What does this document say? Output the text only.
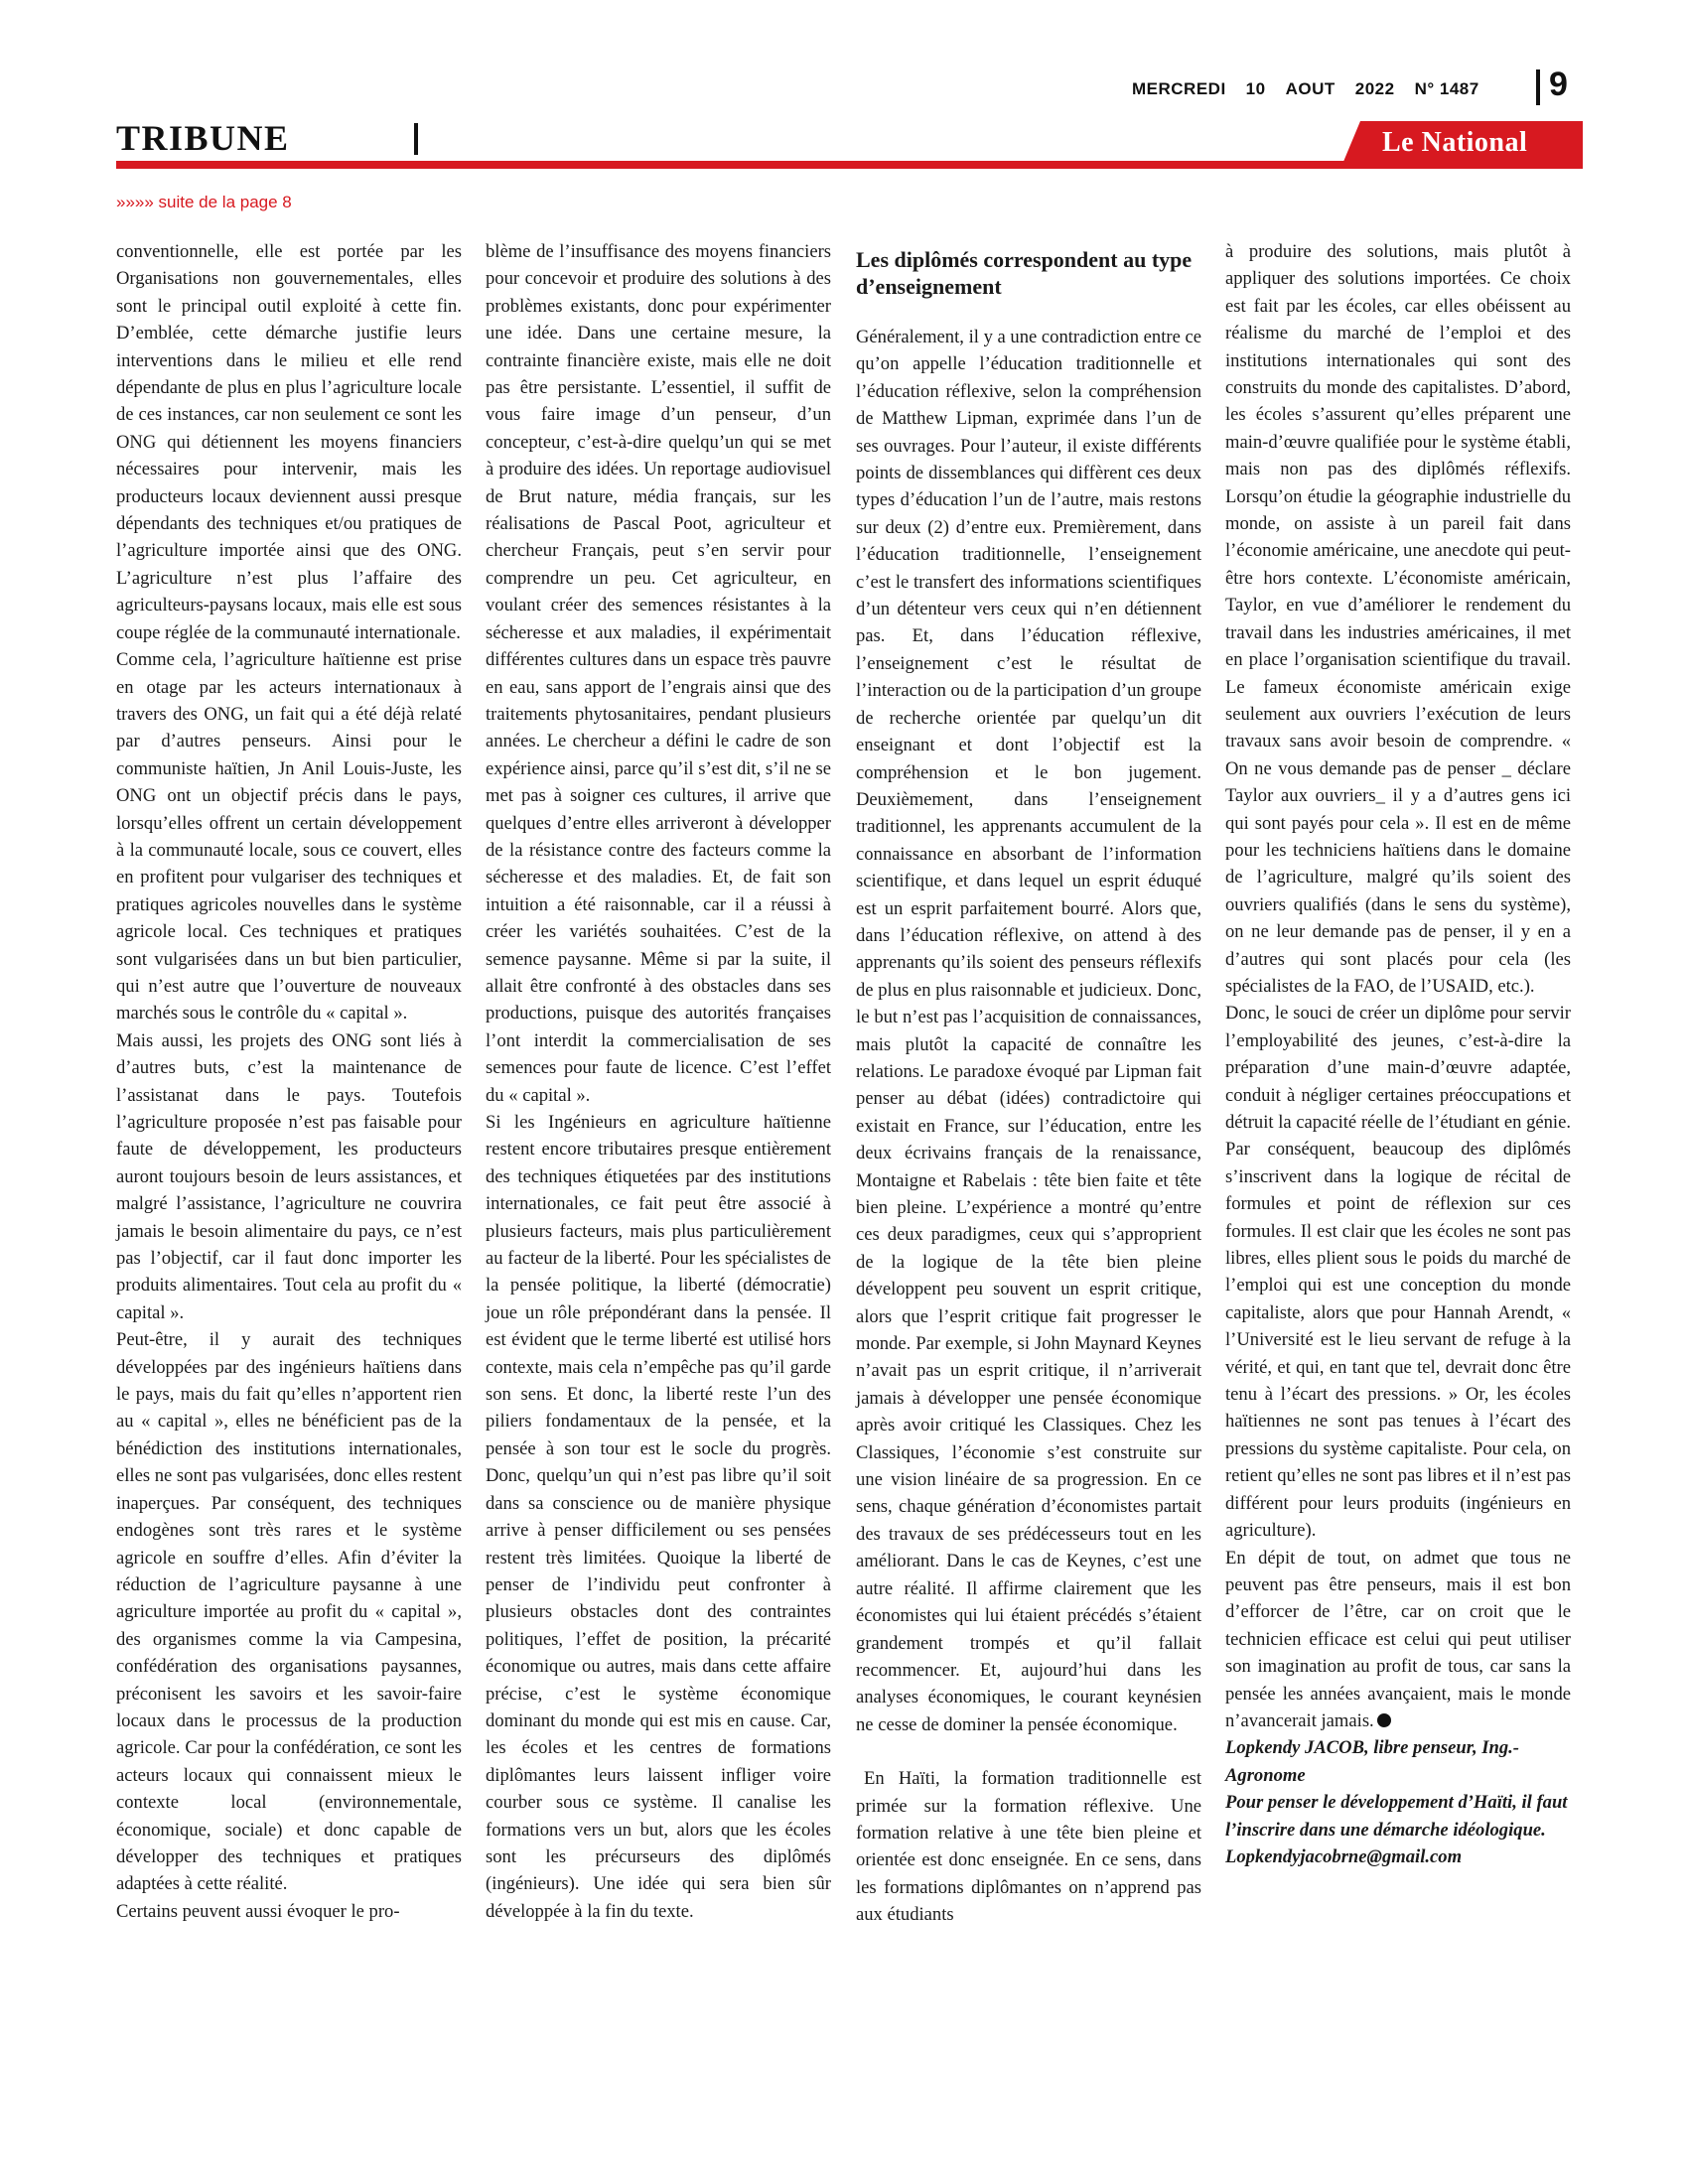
MERCREDI 10 AOUT 2022 N° 1487 9
TRIBUNE	Le National
»»»» suite de la page 8

conventionnelle, elle est portée par les Organisations non gouvernementales, elles sont le principal outil exploité à cette fin. D’emblée, cette démarche justifie leurs interventions dans le milieu et elle rend dépendante de plus en plus l’agriculture locale de ces instances, car non seulement ce sont les ONG qui détiennent les moyens financiers nécessaires pour intervenir, mais les producteurs locaux deviennent aussi presque dépendants des techniques et/ou pratiques de l’agriculture importée ainsi que des ONG. L’agriculture n’est plus l’affaire des agriculteurs-paysans locaux, mais elle est sous coupe réglée de la communauté internationale.

Comme cela, l’agriculture haïtienne est prise en otage par les acteurs internationaux à travers des ONG, un fait qui a été déjà relaté par d’autres penseurs. Ainsi pour le communiste haïtien, Jn Anil Louis-Juste, les ONG ont un objectif précis dans le pays, lorsqu’elles offrent un certain développement à la communauté locale, sous ce couvert, elles en profitent pour vulgariser des techniques et pratiques agricoles nouvelles dans le système agricole local. Ces techniques et pratiques sont vulgarisées dans un but bien particulier, qui n’est autre que l’ouverture de nouveaux marchés sous le contrôle du « capital ».

Mais aussi, les projets des ONG sont liés à d’autres buts, c’est la maintenance de l’assistanat dans le pays. Toutefois l’agriculture proposée n’est pas faisable pour faute de développement, les producteurs auront toujours besoin de leurs assistances, et malgré l’assistance, l’agriculture ne couvrira jamais le besoin alimentaire du pays, ce n’est pas l’objectif, car il faut donc importer les produits alimentaires. Tout cela au profit du « capital ».

Peut-être, il y aurait des techniques développées par des ingénieurs haïtiens dans le pays, mais du fait qu’elles n’apportent rien au « capital », elles ne bénéficient pas de la bénédiction des institutions internationales, elles ne sont pas vulgarisées, donc elles restent inaperçues. Par conséquent, des techniques endogènes sont très rares et le système agricole en souffre d’elles. Afin d’éviter la réduction de l’agriculture paysanne à une agriculture importée au profit du « capital », des organismes comme la via Campesina, confédération des organisations paysannes, préconisent les savoirs et les savoir-faire locaux dans le processus de la production agricole. Car pour la confédération, ce sont les acteurs locaux qui connaissent mieux le contexte local (environnementale, économique, sociale) et donc capable de développer des techniques et pratiques adaptées à cette réalité.

Certains peuvent aussi évoquer le pro-

blème de l’insuffisance des moyens financiers pour concevoir et produire des solutions à des problèmes existants, donc pour expérimenter une idée. Dans une certaine mesure, la contrainte financière existe, mais elle ne doit pas être persistante. L’essentiel, il suffit de vous faire image d’un penseur, d’un concepteur, c’est-à-dire quelqu’un qui se met à produire des idées. Un reportage audiovisuel de Brut nature, média français, sur les réalisations de Pascal Poot, agriculteur et chercheur Français, peut s’en servir pour comprendre un peu. Cet agriculteur, en voulant créer des semences résistantes à la sécheresse et aux maladies, il expérimentait différentes cultures dans un espace très pauvre en eau, sans apport de l’engrais ainsi que des traitements phytosanitaires, pendant plusieurs années. Le chercheur a défini le cadre de son expérience ainsi, parce qu’il s’est dit, s’il ne se met pas à soigner ces cultures, il arrive que quelques d’entre elles arriveront à développer de la résistance contre des facteurs comme la sécheresse et des maladies. Et, de fait son intuition a été raisonnable, car il a réussi à créer les variétés souhaitées. C’est de la semence paysanne. Même si par la suite, il allait être confronté à des obstacles dans ses productions, puisque des autorités françaises l’ont interdit la commercialisation de ses semences pour faute de licence. C’est l’effet du « capital ».

Si les Ingénieurs en agriculture haïtienne restent encore tributaires presque entièrement des techniques étiquetées par des institutions internationales, ce fait peut être associé à plusieurs facteurs, mais plus particulièrement au facteur de la liberté. Pour les spécialistes de la pensée politique, la liberté (démocratie) joue un rôle prépondérant dans la pensée. Il est évident que le terme liberté est utilisé hors contexte, mais cela n’empêche pas qu’il garde son sens. Et donc, la liberté reste l’un des piliers fondamentaux de la pensée, et la pensée à son tour est le socle du progrès. Donc, quelqu’un qui n’est pas libre qu’il soit dans sa conscience ou de manière physique arrive à penser difficilement ou ses pensées restent très limitées. Quoique la liberté de penser de l’individu peut confronter à plusieurs obstacles dont des contraintes politiques, l’effet de position, la précarité économique ou autres, mais dans cette affaire précise, c’est le système économique dominant du monde qui est mis en cause. Car, les écoles et les centres de formations diplômantes leurs laissent infliger voire courber sous ce système. Il canalise les formations vers un but, alors que les écoles sont les précurseurs des diplômés (ingénieurs). Une idée qui sera bien sûr développée à la fin du texte.

Les diplômés correspondent au type d’enseignement

Généralement, il y a une contradiction entre ce qu’on appelle l’éducation traditionnelle et l’éducation réflexive, selon la compréhension de Matthew Lipman, exprimée dans l’un de ses ouvrages. Pour l’auteur, il existe différents points de dissemblances qui diffèrent ces deux types d’éducation l’un de l’autre, mais restons sur deux (2) d’entre eux. Premièrement, dans l’éducation traditionnelle, l’enseignement c’est le transfert des informations scientifiques d’un détenteur vers ceux qui n’en détiennent pas. Et, dans l’éducation réflexive, l’enseignement c’est le résultat de l’interaction ou de la participation d’un groupe de recherche orientée par quelqu’un dit enseignant et dont l’objectif est la compréhension et le bon jugement. Deuxièmement, dans l’enseignement traditionnel, les apprenants accumulent de la connaissance en absorbant de l’information scientifique, et dans lequel un esprit éduqué est un esprit parfaitement bourré. Alors que, dans l’éducation réflexive, on attend à des apprenants qu’ils soient des penseurs réflexifs de plus en plus raisonnable et judicieux. Donc, le but n’est pas l’acquisition de connaissances, mais plutôt la capacité de connaître les relations. Le paradoxe évoqué par Lipman fait penser au débat (idées) contradictoire qui existait en France, sur l’éducation, entre les deux écrivains français de la renaissance, Montaigne et Rabelais : tête bien faite et tête bien pleine. L’expérience a montré qu’entre ces deux paradigmes, ceux qui s’approprient de la logique de la tête bien pleine développent peu souvent un esprit critique, alors que l’esprit critique fait progresser le monde. Par exemple, si John Maynard Keynes n’avait pas un esprit critique, il n’arriverait jamais à développer une pensée économique après avoir critiqué les Classiques. Chez les Classiques, l’économie s’est construite sur une vision linéaire de sa progression. En ce sens, chaque génération d’économistes partait des travaux de ses prédécesseurs tout en les améliorant. Dans le cas de Keynes, c’est une autre réalité. Il affirme clairement que les économistes qui lui étaient précédés s’étaient grandement trompés et qu’il fallait recommencer. Et, aujourd’hui dans les analyses économiques, le courant keynésien ne cesse de dominer la pensée économique.

En Haïti, la formation traditionnelle est primée sur la formation réflexive. Une formation relative à une tête bien pleine et orientée est donc enseignée. En ce sens, dans les formations diplômantes on n’apprend pas aux étudiants

à produire des solutions, mais plutôt à appliquer des solutions importées. Ce choix est fait par les écoles, car elles obéissent au réalisme du marché de l’emploi et des institutions internationales qui sont des construits du monde des capitalistes. D’abord, les écoles s’assurent qu’elles préparent une main-d’œuvre qualifiée pour le système établi, mais non pas des diplômés réflexifs. Lorsqu’on étudie la géographie industrielle du monde, on assiste à un pareil fait dans l’économie américaine, une anecdote qui peut-être hors contexte. L’économiste américain, Taylor, en vue d’améliorer le rendement du travail dans les industries américaines, il met en place l’organisation scientifique du travail. Le fameux économiste américain exige seulement aux ouvriers l’exécution de leurs travaux sans avoir besoin de comprendre. « On ne vous demande pas de penser _ déclare Taylor aux ouvriers_ il y a d’autres gens ici qui sont payés pour cela ». Il est en de même pour les techniciens haïtiens dans le domaine de l’agriculture, malgré qu’ils soient des ouvriers qualifiés (dans le sens du système), on ne leur demande pas de penser, il y en a d’autres qui sont placés pour cela (les spécialistes de la FAO, de l’USAID, etc.).

Donc, le souci de créer un diplôme pour servir l’employabilité des jeunes, c’est-à-dire la préparation d’une main-d’œuvre adaptée, conduit à négliger certaines préoccupations et détruit la capacité réelle de l’étudiant en génie. Par conséquent, beaucoup des diplômés s’inscrivent dans la logique de récital de formules et point de réflexion sur ces formules. Il est clair que les écoles ne sont pas libres, elles plient sous le poids du marché de l’emploi qui est une conception du monde capitaliste, alors que pour Hannah Arendt, « l’Université est le lieu servant de refuge à la vérité, et qui, en tant que tel, devrait donc être tenu à l’écart des pressions. » Or, les écoles haïtiennes ne sont pas tenues à l’écart des pressions du système capitaliste. Pour cela, on retient qu’elles ne sont pas libres et il n’est pas différent pour leurs produits (ingénieurs en agriculture).

En dépit de tout, on admet que tous ne peuvent pas être penseurs, mais il est bon d’efforcer de l’être, car on croit que le technicien efficace est celui qui peut utiliser son imagination au profit de tous, car sans la pensée les années avançaient, mais le monde n’avancerait jamais.

Lopkendy JACOB, libre penseur, Ing.-Agronome

Pour penser le développement d’Haïti, il faut l’inscrire dans une démarche idéologique.

Lopkendyjacobrne@gmail.com
